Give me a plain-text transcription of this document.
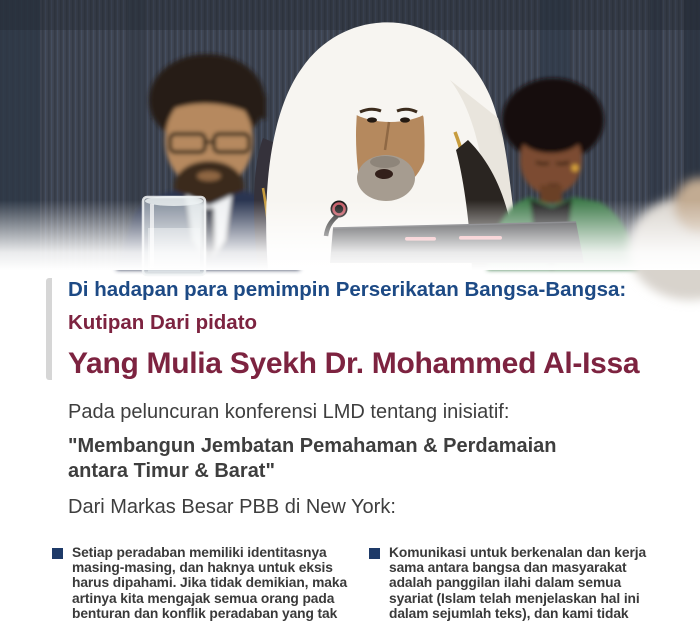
Di hadapan para pemimpin Perserikatan Bangsa-Bangsa:
Kutipan Dari pidato
Yang Mulia Syekh Dr. Mohammed Al-Issa
Pada peluncuran konferensi LMD tentang inisiatif:
"Membangun Jembatan Pemahaman & Perdamaian
antara Timur & Barat"
Dari Markas Besar PBB di New York:
Setiap peradaban memiliki identitasnya
masing-masing, dan haknya untuk eksis
harus dipahami. Jika tidak demikian, maka
artinya kita mengajak semua orang pada
benturan dan konflik peradaban yang tak
Komunikasi untuk berkenalan dan kerja
sama antara bangsa dan masyarakat
adalah panggilan ilahi dalam semua
syariat (Islam telah menjelaskan hal ini
dalam sejumlah teks), dan kami tidak
